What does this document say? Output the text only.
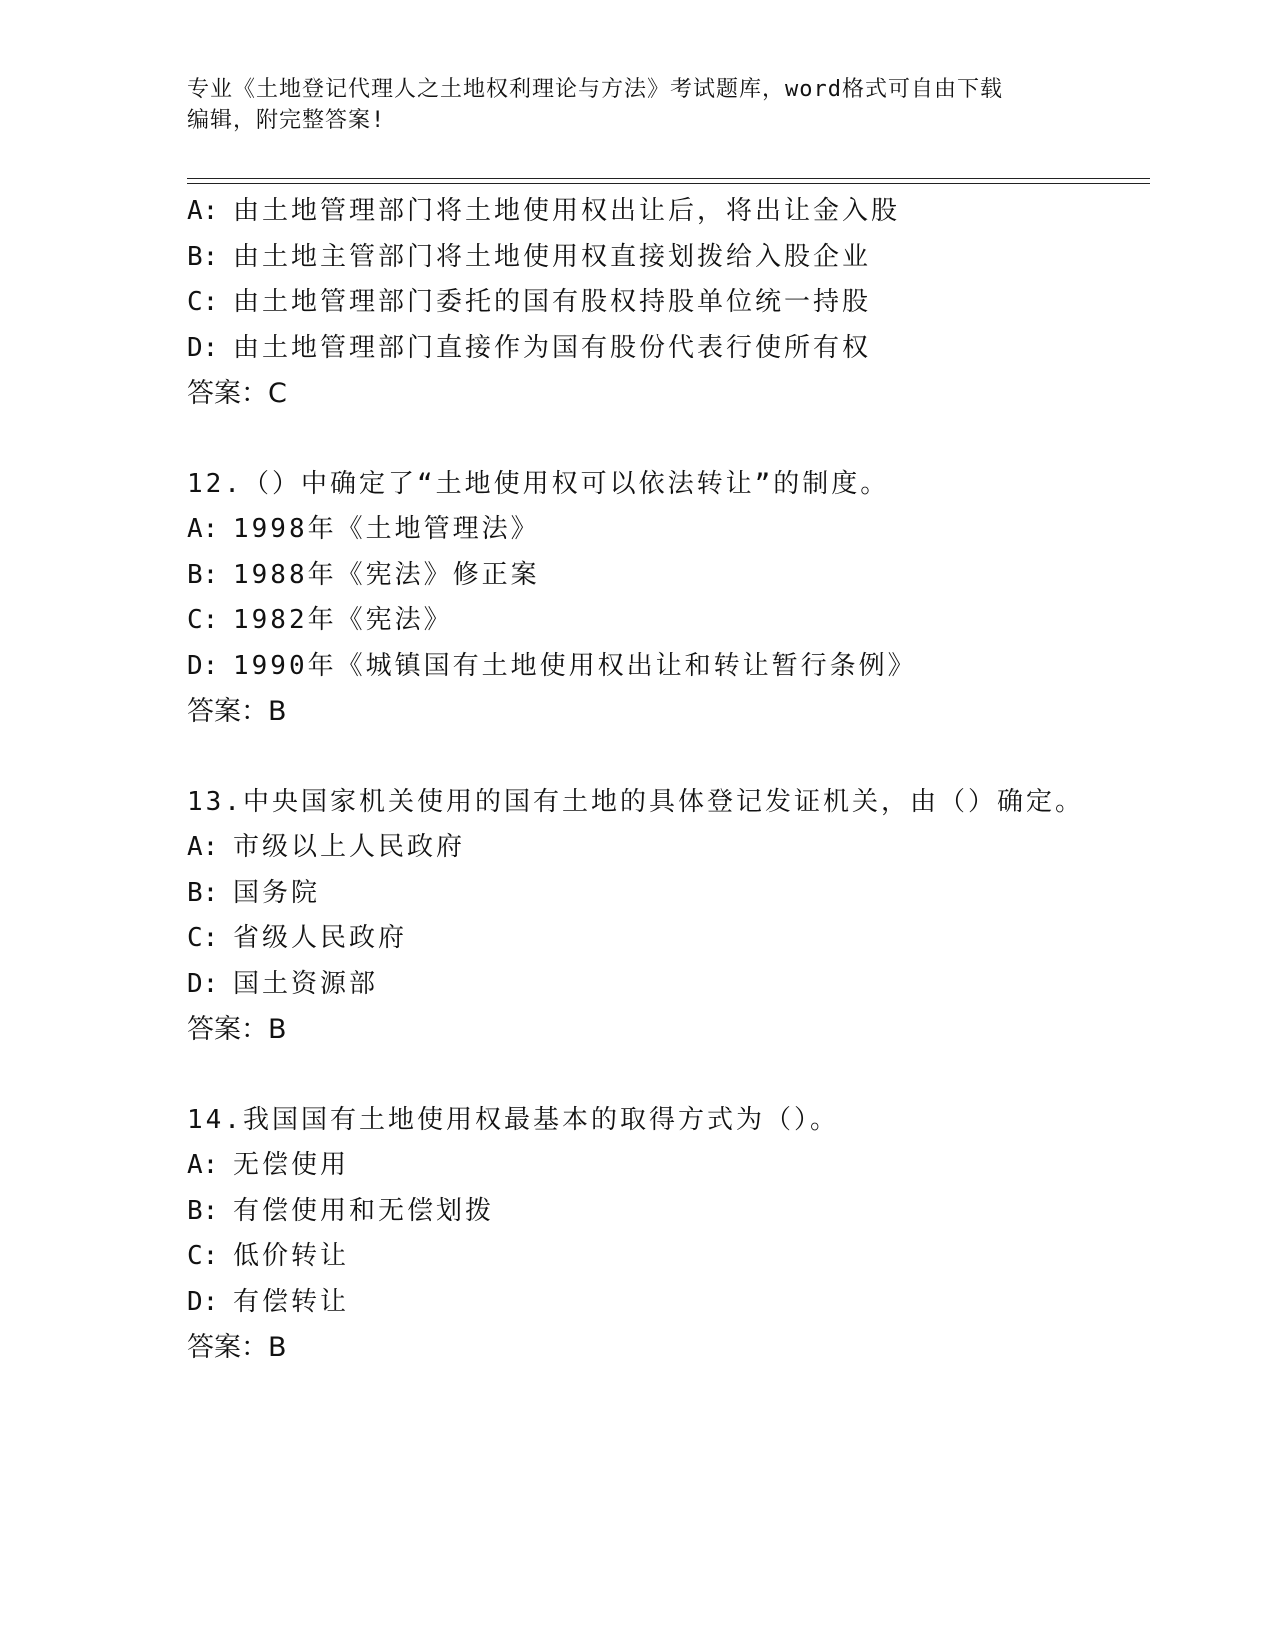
专业《土地登记代理人之土地权利理论与方法》考试题库，word格式可自由下载
编辑，附完整答案!
A: 由土地管理部门将土地使用权出让后，将出让金入股
B: 由土地主管部门将土地使用权直接划拨给入股企业
C: 由土地管理部门委托的国有股权持股单位统一持股
D: 由土地管理部门直接作为国有股份代表行使所有权
答案：C
12.（）中确定了“土地使用权可以依法转让”的制度。
A: 1998年《土地管理法》
B: 1988年《宪法》修正案
C: 1982年《宪法》
D: 1990年《城镇国有土地使用权出让和转让暂行条例》
答案：B
13.中央国家机关使用的国有土地的具体登记发证机关，由（）确定。
A: 市级以上人民政府
B: 国务院
C: 省级人民政府
D: 国土资源部
答案：B
14.我国国有土地使用权最基本的取得方式为（）。
A: 无偿使用
B: 有偿使用和无偿划拨
C: 低价转让
D: 有偿转让
答案：B
